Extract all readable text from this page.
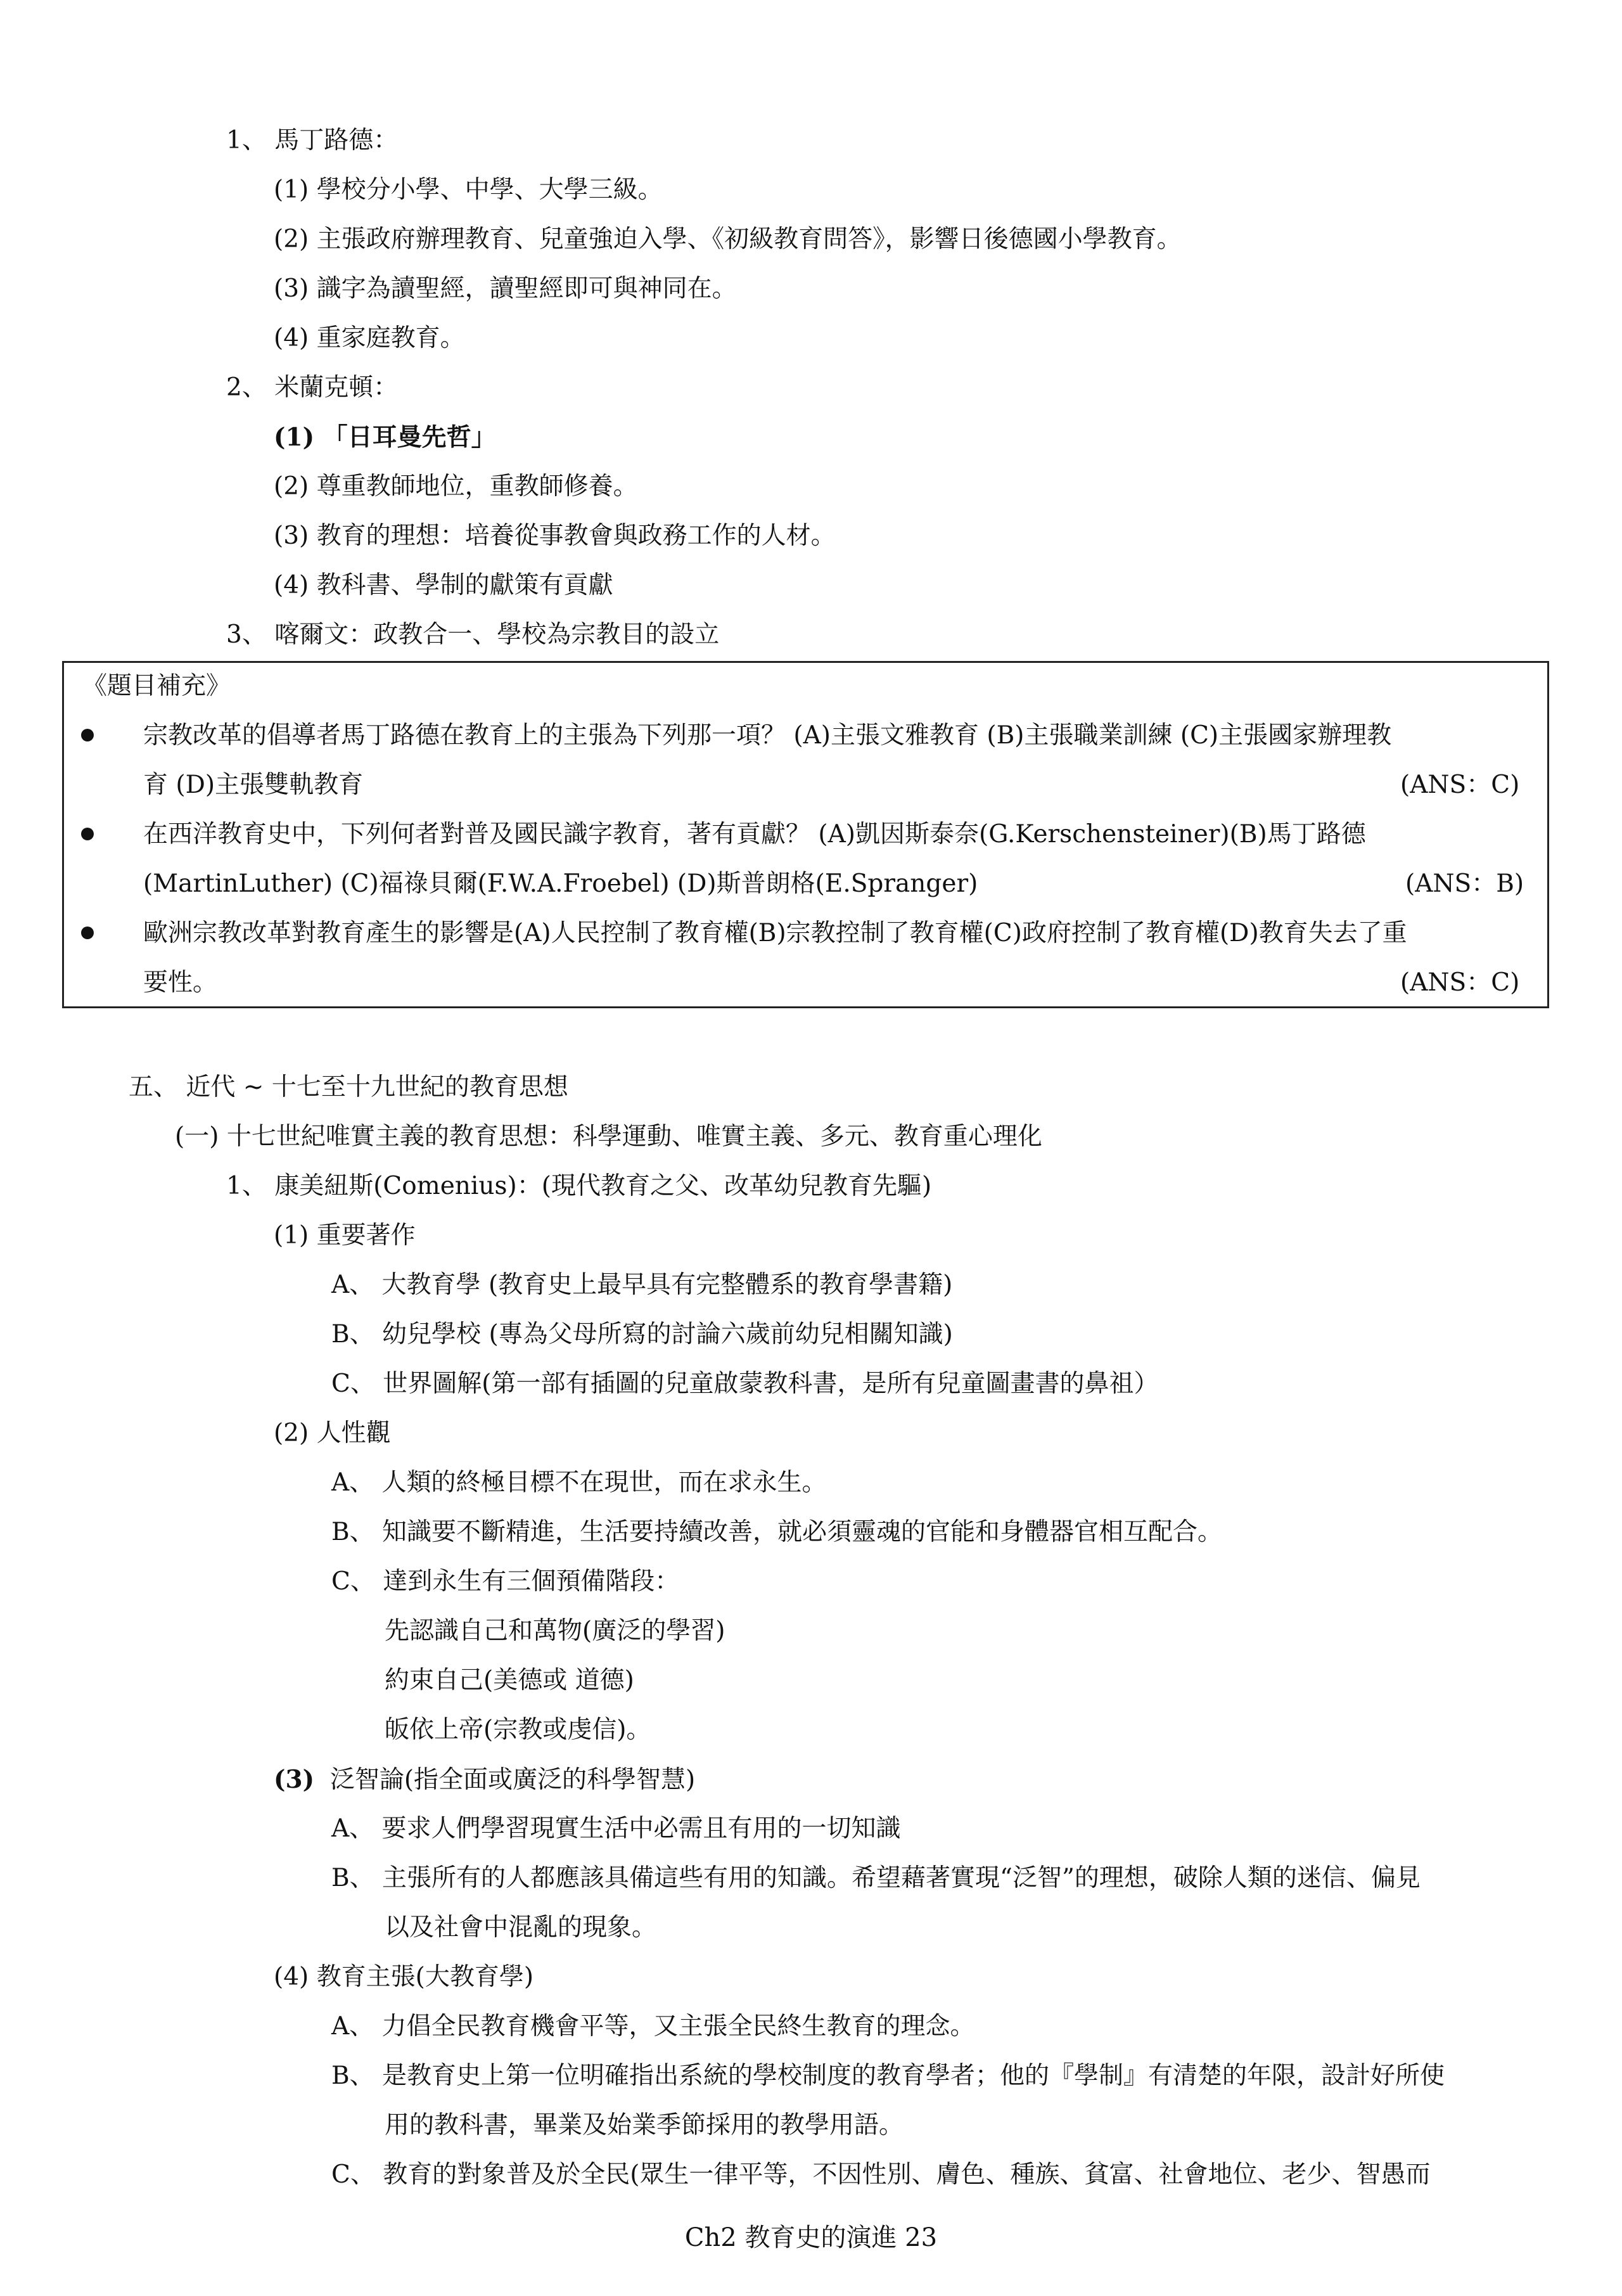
1、 馬丁路德：
(1) 學校分小學、中學、大學三級。
(2) 主張政府辦理教育、兒童強迫入學、《初級教育問答》，影響日後德國小學教育。
(3) 識字為讀聖經，讀聖經即可與神同在。
(4) 重家庭教育。
2、 米蘭克頓：
(1) 「日耳曼先哲」
(2) 尊重教師地位，重教師修養。
(3) 教育的理想：培養從事教會與政務工作的人材。
(4) 教科書、學制的獻策有貢獻
3、 喀爾文：政教合一、學校為宗教目的設立
《題目補充》
宗教改革的倡導者馬丁路德在教育上的主張為下列那一項？ (A)主張文雅教育 (B)主張職業訓練 (C)主張國家辦理教
育 (D)主張雙軌教育	(ANS：C)
在西洋教育史中，下列何者對普及國民識字教育，著有貢獻？ (A)凱因斯泰奈(G.Kerschensteiner)(B)馬丁路德
(MartinLuther) (C)福祿貝爾(F.W.A.Froebel) (D)斯普朗格(E.Spranger)	(ANS：B)
歐洲宗教改革對教育產生的影響是(A)人民控制了教育權(B)宗教控制了教育權(C)政府控制了教育權(D)教育失去了重
要性。	(ANS：C)
五、 近代 ~ 十七至十九世紀的教育思想
(一) 十七世紀唯實主義的教育思想：科學運動、唯實主義、多元、教育重心理化
1、 康美紐斯(Comenius)：(現代教育之父、改革幼兒教育先驅)
(1) 重要著作
A、 大教育學 (教育史上最早具有完整體系的教育學書籍)
B、 幼兒學校 (專為父母所寫的討論六歲前幼兒相關知識)
C、 世界圖解(第一部有插圖的兒童啟蒙教科書，是所有兒童圖畫書的鼻祖）
(2) 人性觀
A、 人類的終極目標不在現世，而在求永生。
B、 知識要不斷精進，生活要持續改善，就必須靈魂的官能和身體器官相互配合。
C、 達到永生有三個預備階段：
先認識自己和萬物(廣泛的學習)
約束自己(美德或 道德)
皈依上帝(宗教或虔信)。
(3) 泛智論(指全面或廣泛的科學智慧)
A、 要求人們學習現實生活中必需且有用的一切知識
B、 主張所有的人都應該具備這些有用的知識。希望藉著實現“泛智”的理想，破除人類的迷信、偏見
以及社會中混亂的現象。
(4) 教育主張(大教育學)
A、 力倡全民教育機會平等，又主張全民終生教育的理念。
B、 是教育史上第一位明確指出系統的學校制度的教育學者；他的『學制』有清楚的年限，設計好所使
用的教科書，畢業及始業季節採用的教學用語。
C、 教育的對象普及於全民(眾生一律平等，不因性別、膚色、種族、貧富、社會地位、老少、智愚而
Ch2 教育史的演進 23
